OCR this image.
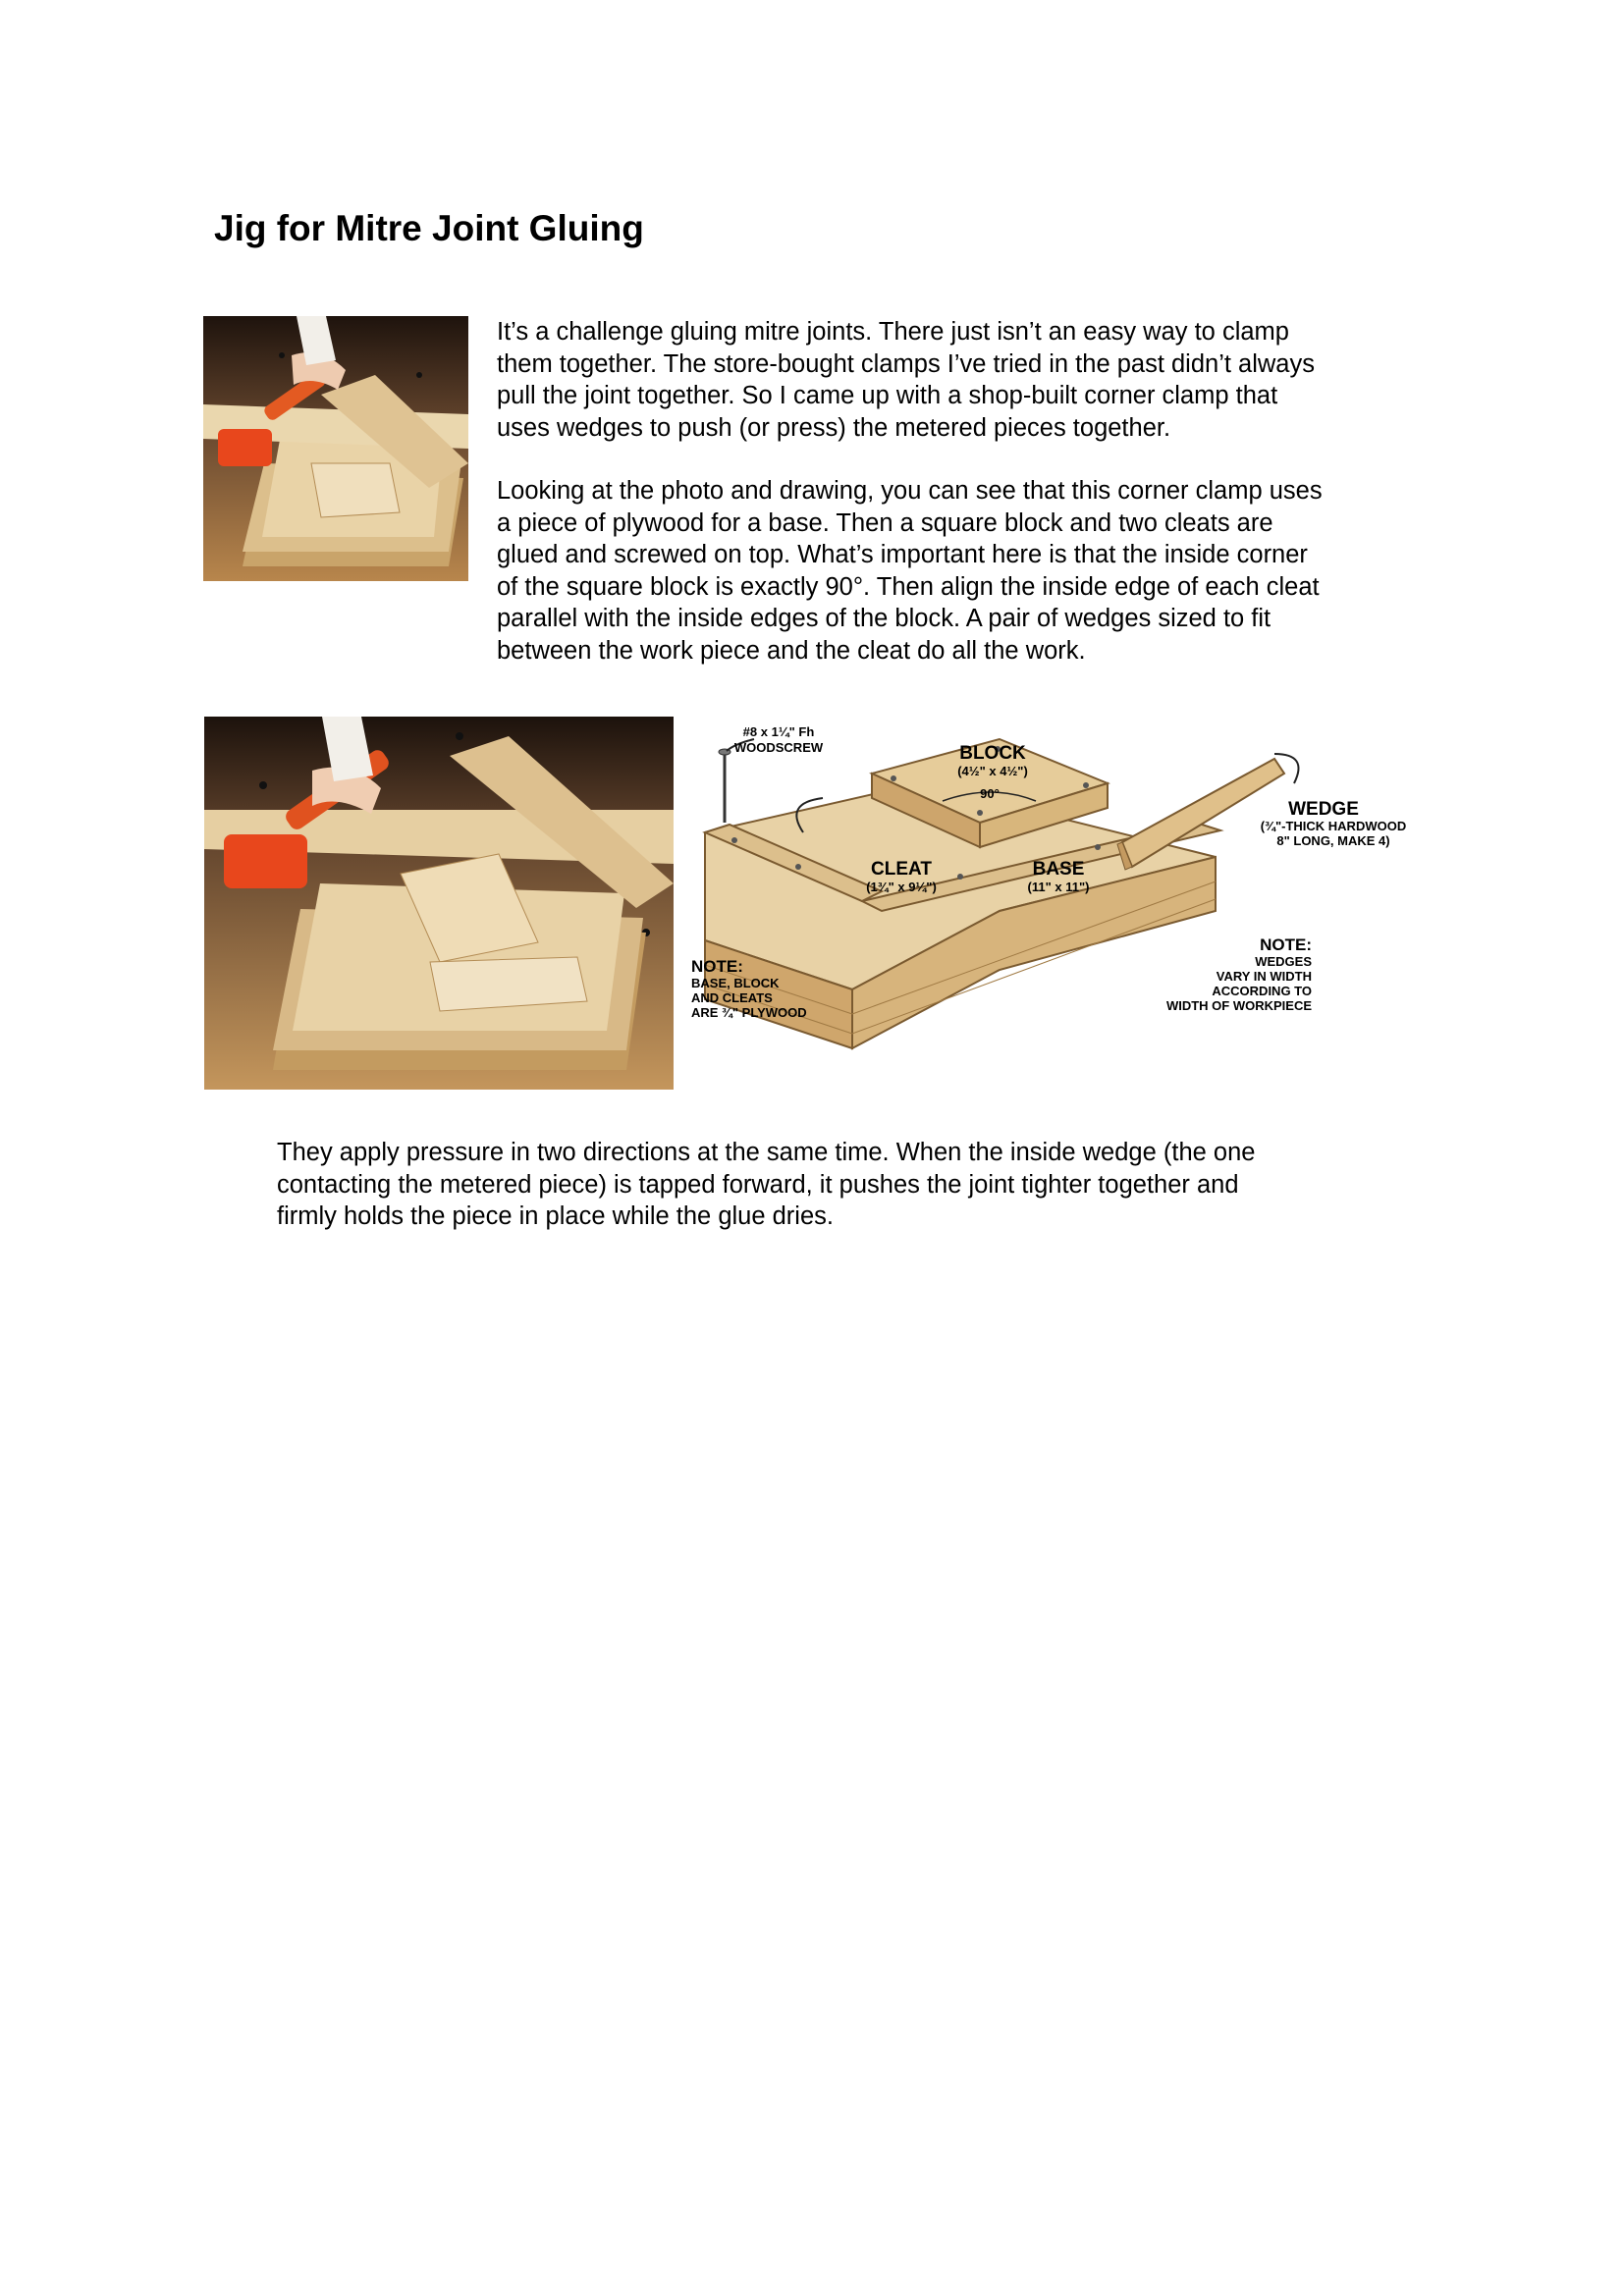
Jig for Mitre Joint Gluing

It’s a challenge gluing mitre joints. There just isn’t an easy way to clamp
them together. The store-bought clamps I’ve tried in the past didn’t always
pull the joint together. So I came up with a shop-built corner clamp that
uses wedges to push (or press) the metered pieces together.

Looking at the photo and drawing, you can see that this corner clamp uses
a piece of plywood for a base. Then a square block and two cleats are
glued and screwed on top. What’s important here is that the inside corner
of the square block is exactly 90°. Then align the inside edge of each cleat
parallel with the inside edges of the block. A pair of wedges sized to fit
between the work piece and the cleat do all the work.

#8 x 1¼" Fh
WOODSCREW	BLOCK
(4½" x 4½")
90°
WEDGE
(¾"-THICK HARDWOOD
8" LONG, MAKE 4)
CLEAT
(1¾" x 9¼")
BASE
(11" x 11")
NOTE:
BASE, BLOCK
AND CLEATS
ARE ¾" PLYWOOD
NOTE:
WEDGES
VARY IN WIDTH
ACCORDING TO
WIDTH OF WORKPIECE

They apply pressure in two directions at the same time. When the inside wedge (the one
contacting the metered piece) is tapped forward, it pushes the joint tighter together and
firmly holds the piece in place while the glue dries.
